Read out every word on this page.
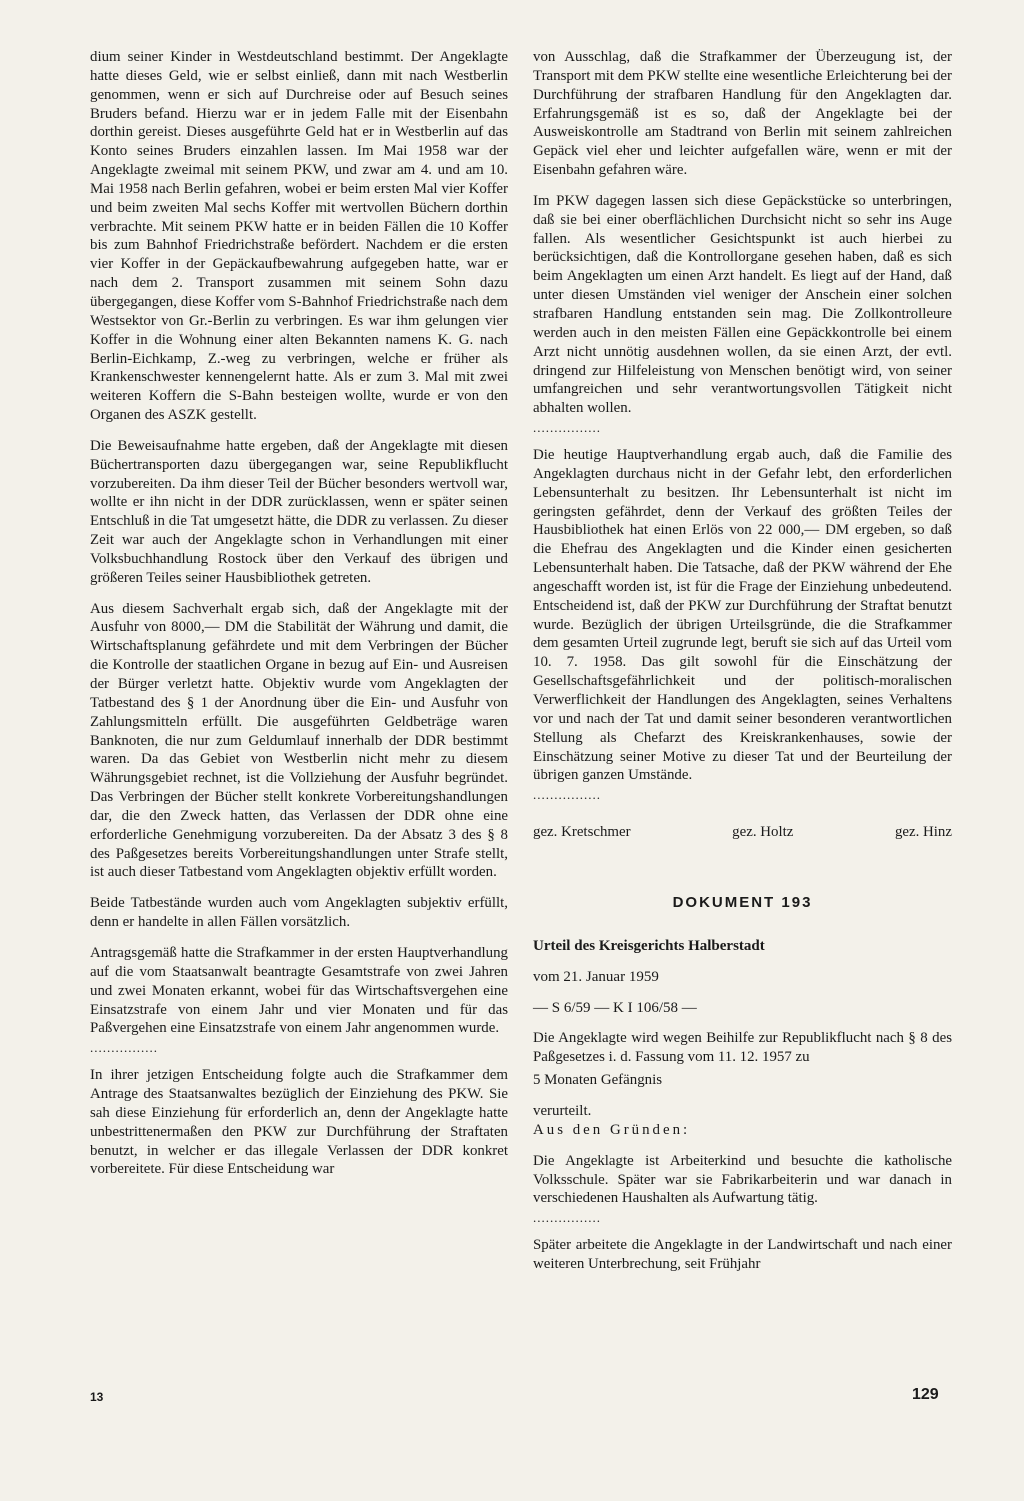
dium seiner Kinder in Westdeutschland bestimmt. Der Angeklagte hatte dieses Geld, wie er selbst einließ, dann mit nach Westberlin genommen, wenn er sich auf Durchreise oder auf Besuch seines Bruders befand. Hierzu war er in jedem Falle mit der Eisenbahn dorthin gereist. Dieses ausgeführte Geld hat er in Westberlin auf das Konto seines Bruders einzahlen lassen. Im Mai 1958 war der Angeklagte zweimal mit seinem PKW, und zwar am 4. und am 10. Mai 1958 nach Berlin gefahren, wobei er beim ersten Mal vier Koffer und beim zweiten Mal sechs Koffer mit wertvollen Büchern dorthin verbrachte. Mit seinem PKW hatte er in beiden Fällen die 10 Koffer bis zum Bahnhof Friedrichstraße befördert. Nachdem er die ersten vier Koffer in der Gepäckaufbewahrung aufgegeben hatte, war er nach dem 2. Transport zusammen mit seinem Sohn dazu übergegangen, diese Koffer vom S-Bahnhof Friedrichstraße nach dem Westsektor von Gr.-Berlin zu verbringen. Es war ihm gelungen vier Koffer in die Wohnung einer alten Bekannten namens K. G. nach Berlin-Eichkamp, Z.-weg zu verbringen, welche er früher als Krankenschwester kennengelernt hatte. Als er zum 3. Mal mit zwei weiteren Koffern die S-Bahn besteigen wollte, wurde er von den Organen des ASZK gestellt.

Die Beweisaufnahme hatte ergeben, daß der Angeklagte mit diesen Büchertransporten dazu übergegangen war, seine Republikflucht vorzubereiten. Da ihm dieser Teil der Bücher besonders wertvoll war, wollte er ihn nicht in der DDR zurücklassen, wenn er später seinen Entschluß in die Tat umgesetzt hätte, die DDR zu verlassen. Zu dieser Zeit war auch der Angeklagte schon in Verhandlungen mit einer Volksbuchhandlung Rostock über den Verkauf des übrigen und größeren Teiles seiner Hausbibliothek getreten.

Aus diesem Sachverhalt ergab sich, daß der Angeklagte mit der Ausfuhr von 8000,— DM die Stabilität der Währung und damit, die Wirtschaftsplanung gefährdete und mit dem Verbringen der Bücher die Kontrolle der staatlichen Organe in bezug auf Ein- und Ausreisen der Bürger verletzt hatte. Objektiv wurde vom Angeklagten der Tatbestand des § 1 der Anordnung über die Ein- und Ausfuhr von Zahlungsmitteln erfüllt. Die ausgeführten Geldbeträge waren Banknoten, die nur zum Geldumlauf innerhalb der DDR bestimmt waren. Da das Gebiet von Westberlin nicht mehr zu diesem Währungsgebiet rechnet, ist die Vollziehung der Ausfuhr begründet. Das Verbringen der Bücher stellt konkrete Vorbereitungshandlungen dar, die den Zweck hatten, das Verlassen der DDR ohne eine erforderliche Genehmigung vorzubereiten. Da der Absatz 3 des § 8 des Paßgesetzes bereits Vorbereitungshandlungen unter Strafe stellt, ist auch dieser Tatbestand vom Angeklagten objektiv erfüllt worden.

Beide Tatbestände wurden auch vom Angeklagten subjektiv erfüllt, denn er handelte in allen Fällen vorsätzlich.

Antragsgemäß hatte die Strafkammer in der ersten Hauptverhandlung auf die vom Staatsanwalt beantragte Gesamtstrafe von zwei Jahren und zwei Monaten erkannt, wobei für das Wirtschaftsvergehen eine Einsatzstrafe von einem Jahr und vier Monaten und für das Paßvergehen eine Einsatzstrafe von einem Jahr angenommen wurde.

................

In ihrer jetzigen Entscheidung folgte auch die Strafkammer dem Antrage des Staatsanwaltes bezüglich der Einziehung des PKW. Sie sah diese Einziehung für erforderlich an, denn der Angeklagte hatte unbestrittenermaßen den PKW zur Durchführung der Straftaten benutzt, in welcher er das illegale Verlassen der DDR konkret vorbereitete. Für diese Entscheidung war

von Ausschlag, daß die Strafkammer der Überzeugung ist, der Transport mit dem PKW stellte eine wesentliche Erleichterung bei der Durchführung der strafbaren Handlung für den Angeklagten dar. Erfahrungsgemäß ist es so, daß der Angeklagte bei der Ausweiskontrolle am Stadtrand von Berlin mit seinem zahlreichen Gepäck viel eher und leichter aufgefallen wäre, wenn er mit der Eisenbahn gefahren wäre.

Im PKW dagegen lassen sich diese Gepäckstücke so unterbringen, daß sie bei einer oberflächlichen Durchsicht nicht so sehr ins Auge fallen. Als wesentlicher Gesichtspunkt ist auch hierbei zu berücksichtigen, daß die Kontrollorgane gesehen haben, daß es sich beim Angeklagten um einen Arzt handelt. Es liegt auf der Hand, daß unter diesen Umständen viel weniger der Anschein einer solchen strafbaren Handlung entstanden sein mag. Die Zollkontrolleure werden auch in den meisten Fällen eine Gepäckkontrolle bei einem Arzt nicht unnötig ausdehnen wollen, da sie einen Arzt, der evtl. dringend zur Hilfeleistung von Menschen benötigt wird, von seiner umfangreichen und sehr verantwortungsvollen Tätigkeit nicht abhalten wollen.

................

Die heutige Hauptverhandlung ergab auch, daß die Familie des Angeklagten durchaus nicht in der Gefahr lebt, den erforderlichen Lebensunterhalt zu besitzen. Ihr Lebensunterhalt ist nicht im geringsten gefährdet, denn der Verkauf des größten Teiles der Hausbibliothek hat einen Erlös von 22 000,— DM ergeben, so daß die Ehefrau des Angeklagten und die Kinder einen gesicherten Lebensunterhalt haben. Die Tatsache, daß der PKW während der Ehe angeschafft worden ist, ist für die Frage der Einziehung unbedeutend. Entscheidend ist, daß der PKW zur Durchführung der Straftat benutzt wurde. Bezüglich der übrigen Urteilsgründe, die die Strafkammer dem gesamten Urteil zugrunde legt, beruft sie sich auf das Urteil vom 10. 7. 1958. Das gilt sowohl für die Einschätzung der Gesellschaftsgefährlichkeit und der politisch-moralischen Verwerflichkeit der Handlungen des Angeklagten, seines Verhaltens vor und nach der Tat und damit seiner besonderen verantwortlichen Stellung als Chefarzt des Kreiskrankenhauses, sowie der Einschätzung seiner Motive zu dieser Tat und der Beurteilung der übrigen ganzen Umstände.

................
gez. Kretschmer	gez. Holtz	gez. Hinz
DOKUMENT 193

Urteil des Kreisgerichts Halberstadt

vom 21. Januar 1959

— S 6/59 — K I 106/58 —

Die Angeklagte wird wegen Beihilfe zur Republikflucht nach § 8 des Paßgesetzes i. d. Fassung vom 11. 12. 1957 zu

5 Monaten Gefängnis

verurteilt.

Aus den Gründen:

Die Angeklagte ist Arbeiterkind und besuchte die katholische Volksschule. Später war sie Fabrikarbeiterin und war danach in verschiedenen Haushalten als Aufwartung tätig.

................

Später arbeitete die Angeklagte in der Landwirtschaft und nach einer weiteren Unterbrechung, seit Frühjahr

13	129
